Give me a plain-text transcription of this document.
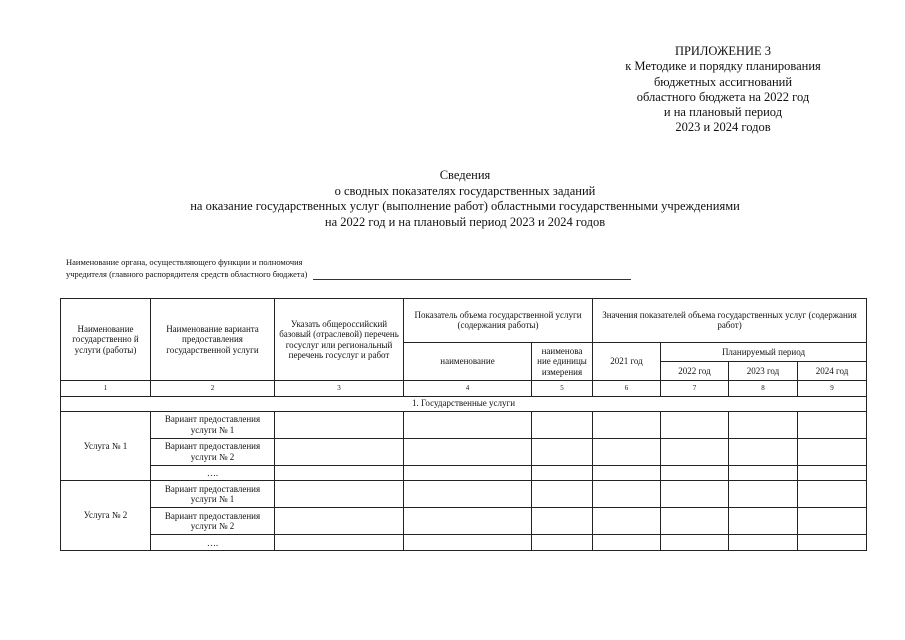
ПРИЛОЖЕНИЕ 3
к Методике и порядку планирования
бюджетных ассигнований
областного бюджета на 2022 год
и на плановый период
2023 и 2024 годов
Сведения
о сводных показателях государственных заданий
на оказание государственных услуг (выполнение работ) областными государственными учреждениями
на 2022 год и на плановый период 2023 и 2024 годов
Наименование органа, осуществляющего функции и полномочия
учредителя (главного распорядителя средств областного бюджета)
Наименование государственно й услуги (работы)	Наименование варианта предоставления государственной услуги	Указать общероссийский базовый (отраслевой) перечень госуслуг или региональный перечень госуслуг и работ	Показатель объема государственной услуги (содержания работы)		Значения показателей объема государственных услуг (содержания работ)			
			наименование	наименова ние единицы измерения	2021 год	Планируемый период		
						2022 год	2023 год	2024 год
1	2	3	4	5	6	7	8	9
1. Государственные услуги								
Услуга № 1	Вариант предоставления услуги № 1							
	Вариант предоставления услуги № 2							
	….							
Услуга № 2	Вариант предоставления услуги № 1							
	Вариант предоставления услуги № 2							
	….							
